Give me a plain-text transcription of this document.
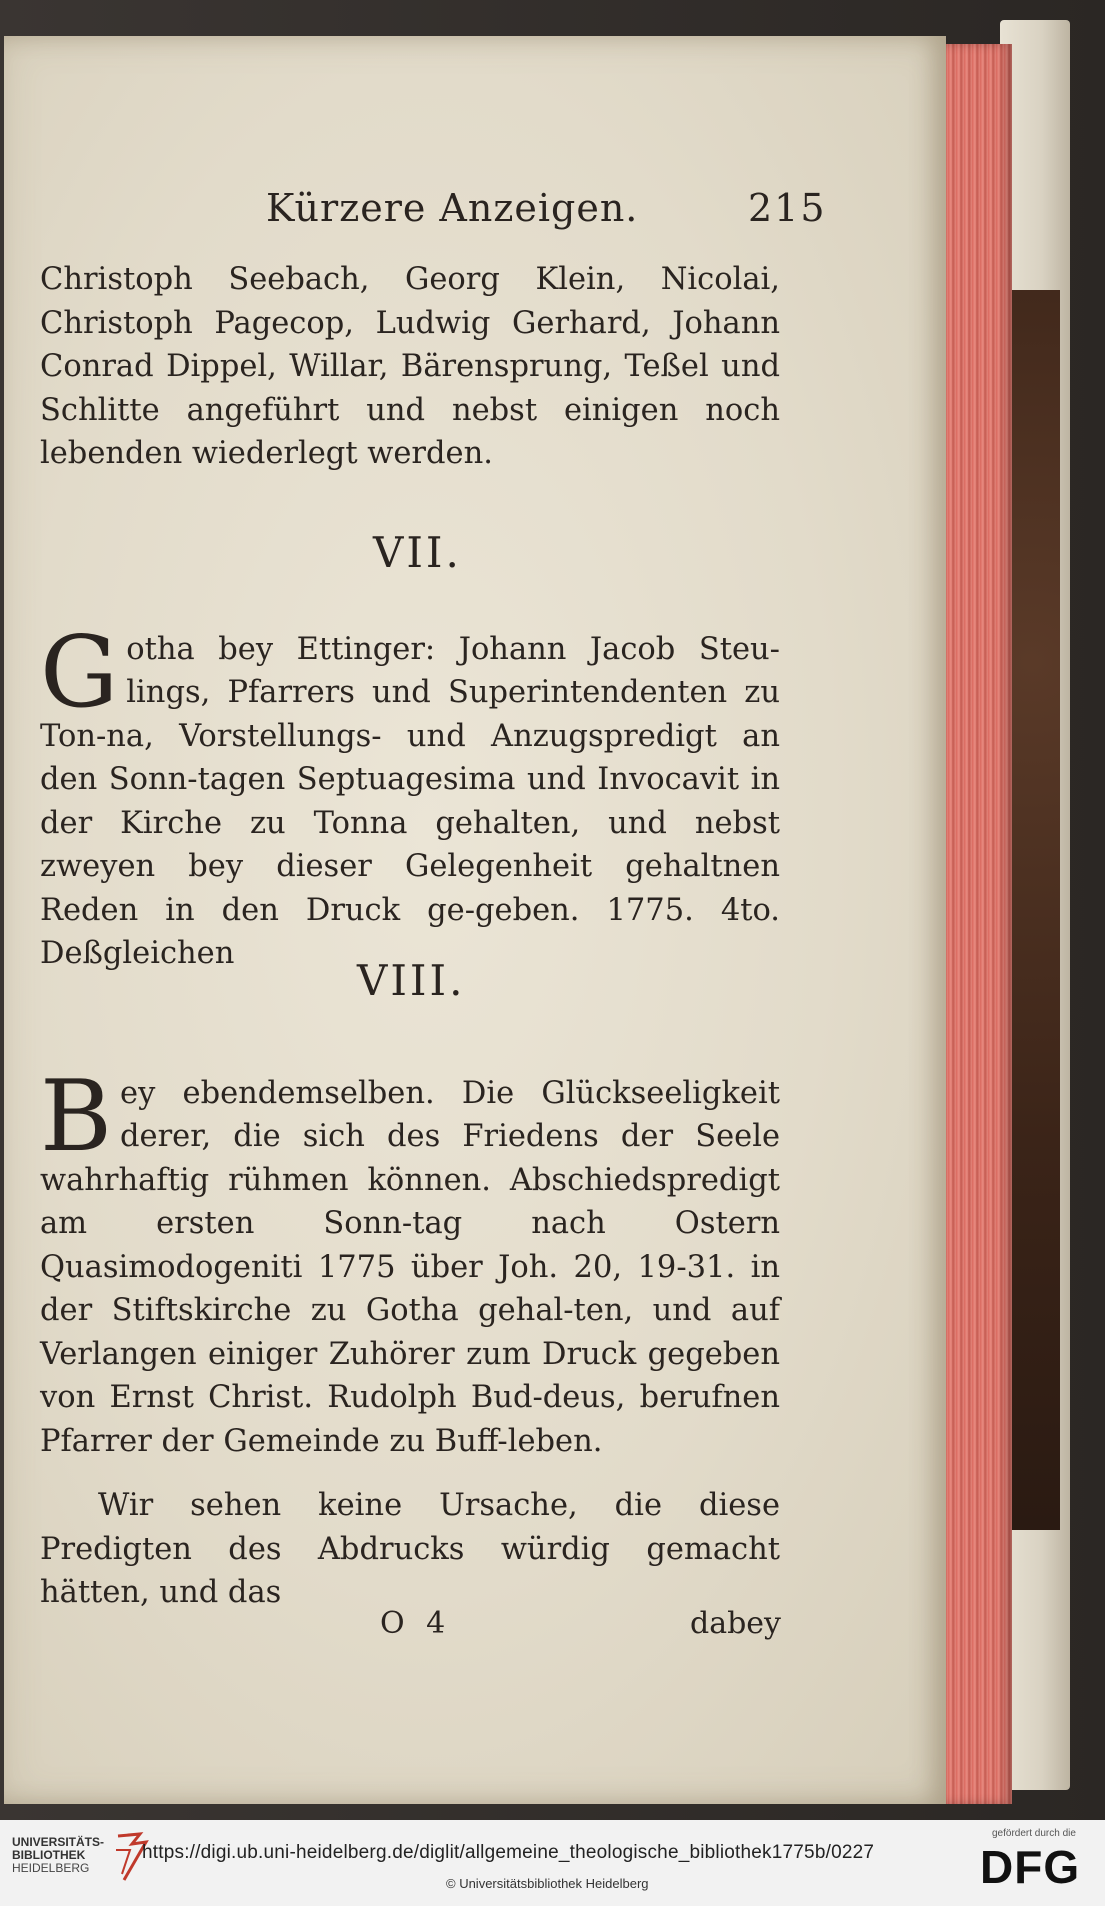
Kürzere Anzeigen.	215
Christoph Seebach, Georg Klein, Nicolai, Christoph Pagecop, Ludwig Gerhard, Johann Conrad Dippel, Willar, Bärensprung, Teßel und Schlitte angeführt und nebst einigen noch lebenden wiederlegt werden.
VII.

Gotha bey Ettinger: Johann Jacob Steu-lings, Pfarrers und Superintendenten zu Ton-na, Vorstellungs- und Anzugspredigt an den Sonn-tagen Septuagesima und Invocavit in der Kirche zu Tonna gehalten, und nebst zweyen bey dieser Gelegenheit gehaltnen Reden in den Druck ge-geben. 1775. 4to. Deßgleichen

VIII.

Bey ebendemselben. Die Glückseeligkeit derer, die sich des Friedens der Seele wahrhaftig rühmen können. Abschiedspredigt am ersten Sonn-tag nach Ostern Quasimodogeniti 1775 über Joh. 20, 19-31. in der Stiftskirche zu Gotha gehal-ten, und auf Verlangen einiger Zuhörer zum Druck gegeben von Ernst Christ. Rudolph Bud-deus, berufnen Pfarrer der Gemeinde zu Buff-leben.

Wir sehen keine Ursache, die diese Predigten des Abdrucks würdig gemacht hätten, und das
O 4	dabey
UNIVERSITÄTS-
BIBLIOTHEK
HEIDELBERG
https://digi.ub.uni-heidelberg.de/diglit/allgemeine_theologische_bibliothek1775b/0227
© Universitätsbibliothek Heidelberg
gefördert durch die
DFG
